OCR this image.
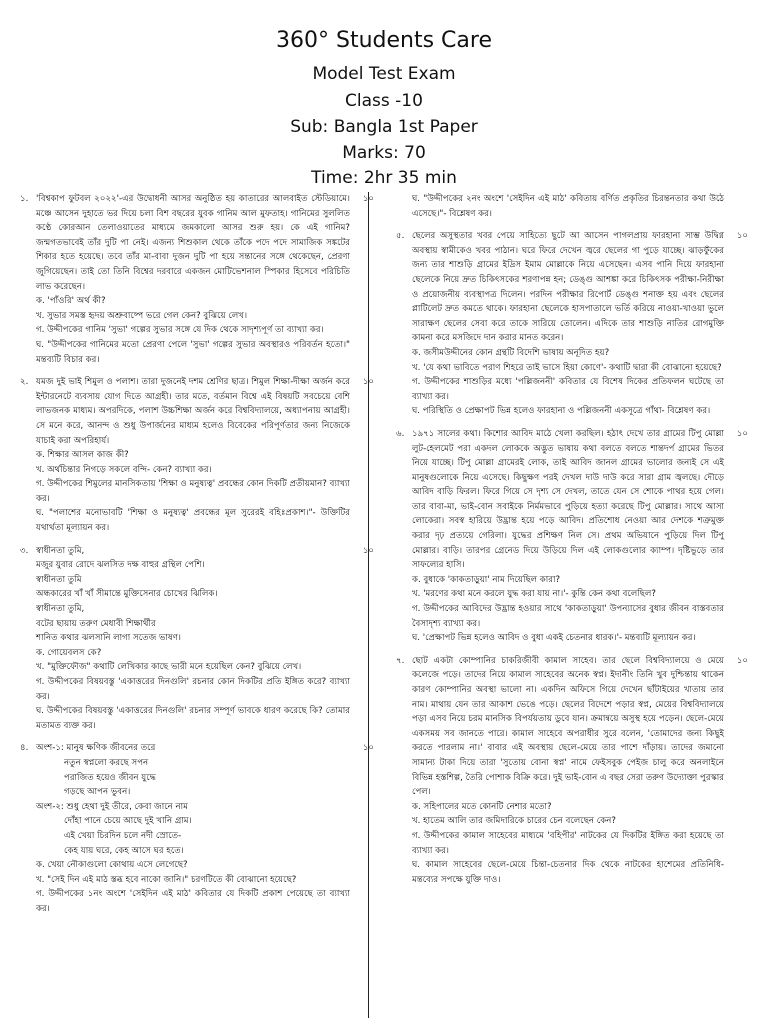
360° Students Care
Model Test Exam
Class -10
Sub: Bangla 1st Paper
Marks: 70
Time: 2hr 35 min
১. 'বিশ্বকাপ ফুটবল ২০২২'-এর উদ্বোধনী আসর অনুষ্ঠিত হয় কাতারের আলবাইত স্টেডিয়ামে। মঞ্চে আসেন দুহাতে ভর দিয়ে চলা বিশ বছরের যুবক গানিম আল মুফতাহ। গানিমের সুললিত কণ্ঠে কোরআন তেলাওয়াতের মাধ্যমে জমকালো আসর শুরু হয়। কে এই গানিম? জন্মগতভাবেই তাঁর দুটি পা নেই। এজন্য শিশুকাল থেকে তাঁকে পদে পদে সামাজিক সঙ্কটের শিকার হতে হয়েছে। তবে তাঁর মা-বাবা দুজন দুটি পা হয়ে সন্তানের সঙ্গে থেকেছেন, প্রেরণা জুগিয়েছেন। তাই তো তিনি বিশ্বের দরবারে একজন মোটিভেশনাল স্পিকার হিসেবে পরিচিতি লাভ করেছেন।
১০
ক. 'পাঁওরি' অর্থ কী?
খ. সুভার সমস্ত হৃদয় অশ্রুবাষ্পে ভরে গেল কেন? বুঝিয়ে লেখ।
গ. উদ্দীপকের গানিম 'সুভা' গল্পের সুভার সঙ্গে যে দিক থেকে সাদৃশ্যপূর্ণ তা ব্যাখ্যা কর।
ঘ. "উদ্দীপকের গানিমের মতো প্রেরণা পেলে 'সুভা' গল্পের সুভার অবস্থারও পরিবর্তন হতো।" মন্তব্যটি বিচার কর।
২. যমজ দুই ভাই শিমুল ও পলাশ। তারা দুজনেই দশম শ্রেণির ছাত্র। শিমুল শিক্ষা-দীক্ষা অর্জন করে ইন্টারনেটে ব্যবসায় যোগ দিতে আগ্রহী। তার মতে, বর্তমান বিশ্বে এই বিষয়টি সবচেয়ে বেশি লাভজনক মাধ্যম। অপরদিকে, পলাশ উচ্চশিক্ষা অর্জন করে বিশ্ববিদ্যালয়ে, অধ্যাপনায় আগ্রহী। সে মনে করে, আনন্দ ও শুধু উপার্জনের মাধ্যম হলেও বিবেকের পরিপূর্ণতার জন্য নিজেকে যাচাই করা অপরিহার্য।
১০
ক. শিক্ষার আসল কাজ কী?
খ. অর্থচিন্তার নিগড়ে সকলে বন্দি- কেন? ব্যাখ্যা কর।
গ. উদ্দীপকের শিমুলের মানসিকতায় 'শিক্ষা ও মনুষ্যত্ব' প্রবন্ধের কোন দিকটি প্রতীয়মান? ব্যাখ্যা কর।
ঘ. "পলাশের মনোভাবটি 'শিক্ষা ও মনুষ্যত্ব' প্রবন্ধের মূল সুরেরই বহিঃপ্রকাশ।"- উক্তিটির যথার্থতা মূল্যায়ন কর।
৩. স্বাধীনতা তুমি,	১০
মজুর যুবার রোদে ঝলসিত দক্ষ বাহুর গ্রন্থিল পেশি।
স্বাধীনতা তুমি
অন্ধকারের খাঁ খাঁ সীমান্তে মুক্তিসেনার চোখের ঝিলিক।
স্বাধীনতা তুমি,
বটের ছায়ায় তরুণ মেধাবী শিক্ষার্থীর
শানিত কথার ঝলসানি লাগা সতেজ ভাষণ।
ক. গোয়েবলস কে?
খ. "মুক্তিফৌজ" কথাটি লেখিকার কাছে ভারী মনে হয়েছিল কেন? বুঝিয়ে লেখ।
গ. উদ্দীপকের বিষয়বস্তু 'একাত্তরের দিনগুলি' রচনার কোন দিকটির প্রতি ইঙ্গিত করে? ব্যাখ্যা কর।
ঘ. উদ্দীপকের বিষয়বস্তু 'একাত্তরের দিনগুলি' রচনার সম্পূর্ণ ভাবকে ধারণ করেছে কি? তোমার মতামত ব্যক্ত কর।
৪. অংশ-১: মানুষ ক্ষণিক জীবনের তরে	১০
নতুন স্বপ্নলো করছে সপন
পরাজিত হয়েও জীবন যুদ্ধে
গড়ছে আপন ভুবন।
অংশ-২: শুধু হেথা দুই তীরে, কেবা জানে নাম
দোঁহা পানে চেয়ে আছে দুই খানি গ্রাম।
এই খেয়া চিরদিন চলে নদী স্রোতে-
কেহ যায় ঘরে, কেহ আসে ঘর হতে।
ক. খেয়া নৌকাগুলো কোথায় এসে লেগেছে?
খ. "সেই দিন এই মাঠ স্তব্ধ হবে নাকো জানি।" চরণটিতে কী বোঝানো হয়েছে?
গ. উদ্দীপকের ১নং অংশে 'সেইদিন এই মাঠ' কবিতার যে দিকটি প্রকাশ পেয়েছে তা ব্যাখ্যা কর।
ঘ. "উদ্দীপকের ২নং অংশে 'সেইদিন এই মাঠ' কবিতায় বর্ণিত প্রকৃতির চিরন্তনতার কথা উঠে এসেছে।"- বিশ্লেষণ কর।
৫. ছেলের অসুস্থতার খবর পেয়ে সাহিত্যে ছুটে আ আসেন পাগলপ্রায় ফারহানা সাম্ভ উদ্বিগ্ন অবস্থায় স্বামীকেও খবর পাঠান। ঘরে ফিরে দেখেন জ্বরে ছেলের গা পুড়ে যাচ্ছে। ঝাড়ফুঁকের জন্য তার শাশুড়ি গ্রামের ইদ্রিস ইমাম মোল্লাকে নিয়ে এসেছেন। এসব পানি দিয়ে ফারহানা ছেলেকে নিয়ে দ্রুত চিকিৎসকের শরণাপন্ন হন; ডেঙ্গু আশঙ্কা করে চিকিৎসক পরীক্ষা-নিরীক্ষা ও প্রয়োজনীয় ব্যবস্থাপত্র দিলেন। পরদিন পরীক্ষার রিপোর্ট ডেঙ্গু শনাক্ত হয় এবং ছেলের প্লাটিলেট দ্রুত কমতে থাকে। ফারহানা ছেলেকে হাসপাতালে ভর্তি করিয়ে নাওয়া-খাওয়া ভুলে সারাক্ষণ ছেলের সেবা করে তাকে সারিয়ে তোলেন। এদিকে তার শাশুড়ি নাতির রোগমুক্তি কামনা করে মসজিদে দান করার মানত করেন।
১০
ক. জসীমউদ্দীনের কোন গ্রন্থটি বিদেশি ভাষায় অনূদিত হয়?
খ. 'যে কথা ভাবিতে পরাণ শিহরে তাই ভাসে হিয়া কোণে'- কথাটি দ্বারা কী বোঝানো হয়েছে?
গ. উদ্দীপকের শাশুড়ির মধ্যে 'পল্লিজননী' কবিতার যে বিশেষ দিকের প্রতিফলন ঘটেছে তা ব্যাখ্যা কর।
ঘ. পরিস্থিতি ও প্রেক্ষাপট ভিন্ন হলেও ফারহানা ও পল্লিজননী একসূত্রে গাঁথা- বিশ্লেষণ কর।
৬. ১৯৭১ সালের কথা। কিশোর আবিদ মাঠে খেলা করছিল। হঠাৎ দেখে তার গ্রামের টিপু মোল্লা লুট-হেলমেট পরা একদল লোককে অদ্ভুত ভাষায় কথা বলতে বলতে শান্তদর্প গ্রামের ভিতর নিয়ে যাচ্ছে। টিপু মোল্লা গ্রামেরই লোক, তাই আবিদ জানল গ্রামের ভালোর জন্যই সে এই মানুষগুলোকে নিয়ে এসেছে। কিছুক্ষণ পরই দেখল দাউ দাউ করে সারা গ্রাম জ্বলছে। দৌড়ে আবিদ বাড়ি ফিরল। ফিরে গিয়ে সে দৃশ্য সে দেখল, তাতে যেন সে শোকে পাথর হয়ে গেল। তার বাবা-মা, ভাই-বোন সবাইকে নির্মমভাবে পুড়িয়ে হত্যা করেছে টিপু মোল্লার। সাথে আসা লোকেরা। সবস্ব হারিয়ে উদ্ভ্রান্ত হয়ে পড়ে আবিদ। প্রতিশোধ নেওয়া আর দেশকে শত্রুমুক্ত করার দৃঢ় প্রত্যয়ে গেরিলা। যুদ্ধের প্রশিক্ষণ নিল সে। প্রথম অভিযানে পুড়িয়ে দিল টিপু মোল্লার। বাড়ি। তারপর গ্রেনেড দিয়ে উড়িয়ে দিল এই লোকগুলোর ক্যাম্প। দৃষ্টিভুড়ে তার সাফল্যের হাসি।
১০
ক. বুধাকে 'কাকতাড়ুয়া' নাম দিয়েছিল কারা?
খ. 'মরণের কথা মনে করলে যুদ্ধ করা যায় না।'- কুন্তি কেন কথা বলেছিল?
গ. উদ্দীপকের আবিদের উদ্ভ্রান্ত হওয়ার সাথে 'কাকতাড়ুয়া' উপন্যাসের বুধার জীবন বাস্তবতার বৈসাদৃশ্য ব্যাখ্যা কর।
ঘ. 'প্রেক্ষাপট ভিন্ন হলেও আবিদ ও বুধা একই চেতনার ধারক।'- মন্তব্যটি মূল্যায়ন কর।
৭. ছোট একটা কোম্পানির চাকরিজীবী কামাল সাহেব। তার ছেলে বিশ্ববিদ্যালয়ে ও মেয়ে কলেজে পড়ে। তাদের নিয়ে কামাল সাহেবের অনেক স্বপ্ন। ইদানীং তিনি খুব দুশ্চিন্তায় থাকেন কারণ কোম্পানির অবস্থা ভালো না। একদিন অফিসে গিয়ে দেখেন ছাঁটাইয়ের খাতায় তার নাম। মাথায় যেন তার আকাশ ভেঙে পড়ে। ছেলের বিদেশে পড়ার স্বপ্ন, মেয়ের বিশ্ববিদ্যালয়ে পড়া এসব নিয়ে চরম মানসিক বিপর্যয়তায় ডুবে যান। ক্রমান্বয়ে অসুস্থ হয়ে পড়েন। ছেলে-মেয়ে একসময় সব জানতে পারে। কামাল সাহেবে অপরাধীর সুরে বলেন, 'তোমাদের জন্য কিছুই করতে পারলাম না।' বাবার এই অবস্থায় ছেলে-মেয়ে তার পাশে দাঁড়ায়। তাদের জমানো সামান্য টাকা দিয়ে তারা 'সুতোয় বোনা স্বপ্ন' নামে ফেইসবুক পেইজ চালু করে অনলাইনে বিভিন্ন হস্তশিল্প, তৈরি পোশাক বিক্রি করে। দুই ভাই-বোন এ বছর সেরা তরুণ উদ্যোক্তা পুরস্কার পেল।
১০
ক. সহিপালের মতে কোনটি নেশার মতো?
খ. হাতেম আলি তার জমিদারিকে চারের চেন বলেছেন কেন?
গ. উদ্দীপকের কামাল সাহেবের মাধ্যমে 'বহিপীর' নাটকের যে দিকটির ইঙ্গিত করা হয়েছে তা ব্যাখ্যা কর।
ঘ. কামাল সাহেবের ছেলে-মেয়ে চিন্তা-চেতনার দিক থেকে নাটকের হাশেমের প্রতিনিধি- মন্তব্যের সপক্ষে যুক্তি দাও।
